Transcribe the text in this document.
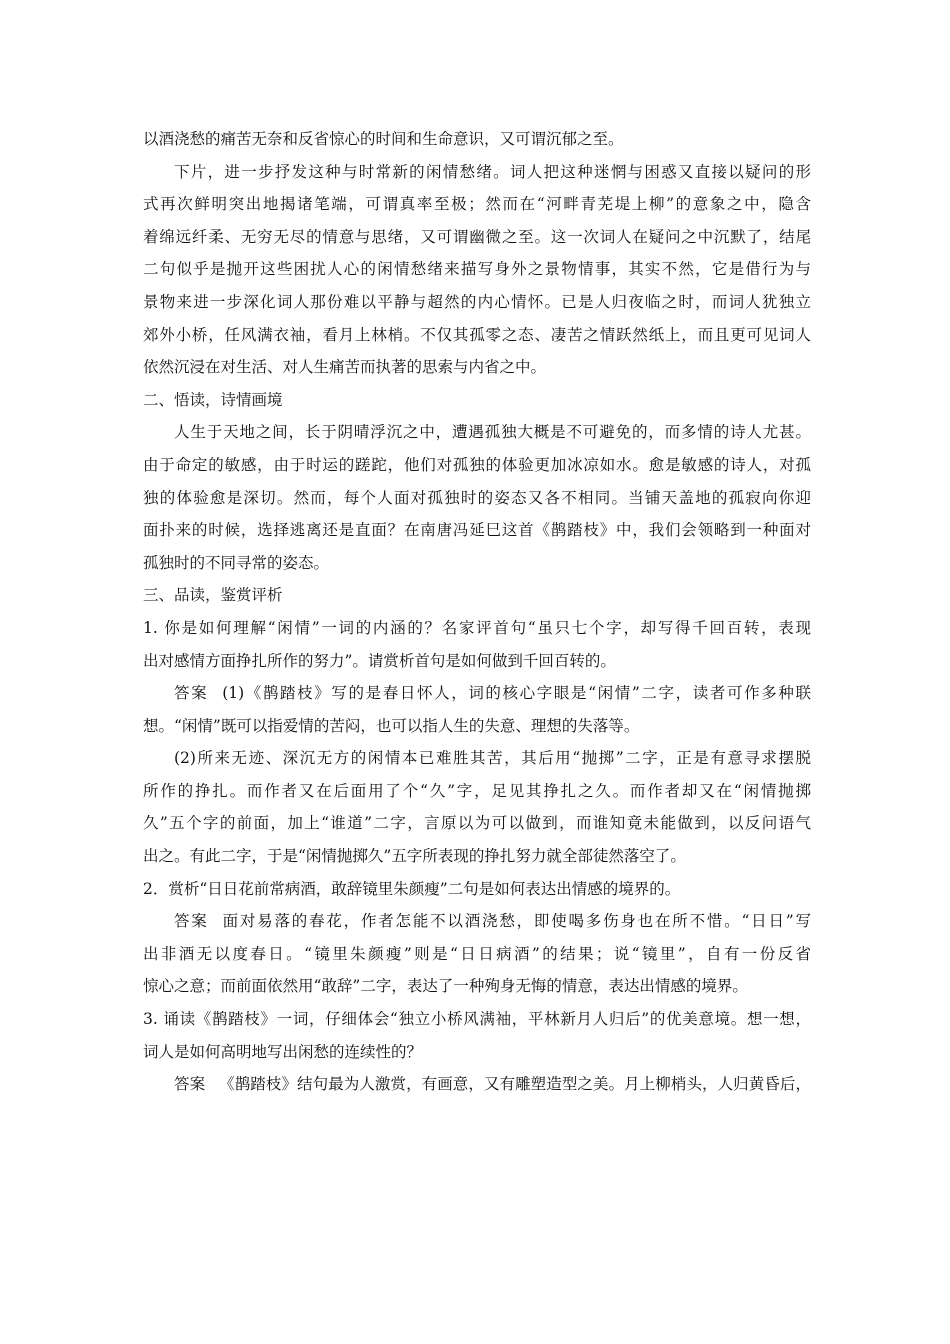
以酒浇愁的痛苦无奈和反省惊心的时间和生命意识，又可谓沉郁之至。
下片，进一步抒发这种与时常新的闲情愁绪。词人把这种迷惘与困惑又直接以疑问的形
式再次鲜明突出地揭诸笔端，可谓真率至极；然而在“河畔青芜堤上柳”的意象之中，隐含
着绵远纤柔、无穷无尽的情意与思绪，又可谓幽微之至。这一次词人在疑问之中沉默了，结尾
二句似乎是抛开这些困扰人心的闲情愁绪来描写身外之景物情事，其实不然，它是借行为与
景物来进一步深化词人那份难以平静与超然的内心情怀。已是人归夜临之时，而词人犹独立
郊外小桥，任风满衣袖，看月上林梢。不仅其孤零之态、凄苦之情跃然纸上，而且更可见词人
依然沉浸在对生活、对人生痛苦而执著的思索与内省之中。
二、悟读，诗情画境
人生于天地之间，长于阴晴浮沉之中，遭遇孤独大概是不可避免的，而多情的诗人尤甚。
由于命定的敏感，由于时运的蹉跎，他们对孤独的体验更加冰凉如水。愈是敏感的诗人，对孤
独的体验愈是深切。然而，每个人面对孤独时的姿态又各不相同。当铺天盖地的孤寂向你迎
面扑来的时候，选择逃离还是直面？在南唐冯延巳这首《鹊踏枝》中，我们会领略到一种面对
孤独时的不同寻常的姿态。
三、品读，鉴赏评析
1. 你是如何理解“闲情”一词的内涵的？名家评首句“虽只七个字，却写得千回百转，表现
出对感情方面挣扎所作的努力”。请赏析首句是如何做到千回百转的。
答案 (1)《鹊踏枝》写的是春日怀人，词的核心字眼是“闲情”二字，读者可作多种联
想。“闲情”既可以指爱情的苦闷，也可以指人生的失意、理想的失落等。
(2)所来无迹、深沉无方的闲情本已难胜其苦，其后用“抛掷”二字，正是有意寻求摆脱
所作的挣扎。而作者又在后面用了个“久”字，足见其挣扎之久。而作者却又在“闲情抛掷
久”五个字的前面，加上“谁道”二字，言原以为可以做到，而谁知竟未能做到，以反问语气
出之。有此二字，于是“闲情抛掷久”五字所表现的挣扎努力就全部徒然落空了。
2．赏析“日日花前常病酒，敢辞镜里朱颜瘦”二句是如何表达出情感的境界的。
答案 面对易落的春花，作者怎能不以酒浇愁，即使喝多伤身也在所不惜。“日日”写
出非酒无以度春日。“镜里朱颜瘦”则是“日日病酒”的结果；说“镜里”，自有一份反省
惊心之意；而前面依然用“敢辞”二字，表达了一种殉身无悔的情意，表达出情感的境界。
3. 诵读《鹊踏枝》一词，仔细体会“独立小桥风满袖，平林新月人归后”的优美意境。想一想，
词人是如何高明地写出闲愁的连续性的？
答案 《鹊踏枝》结句最为人激赏，有画意，又有雕塑造型之美。月上柳梢头，人归黄昏后，
